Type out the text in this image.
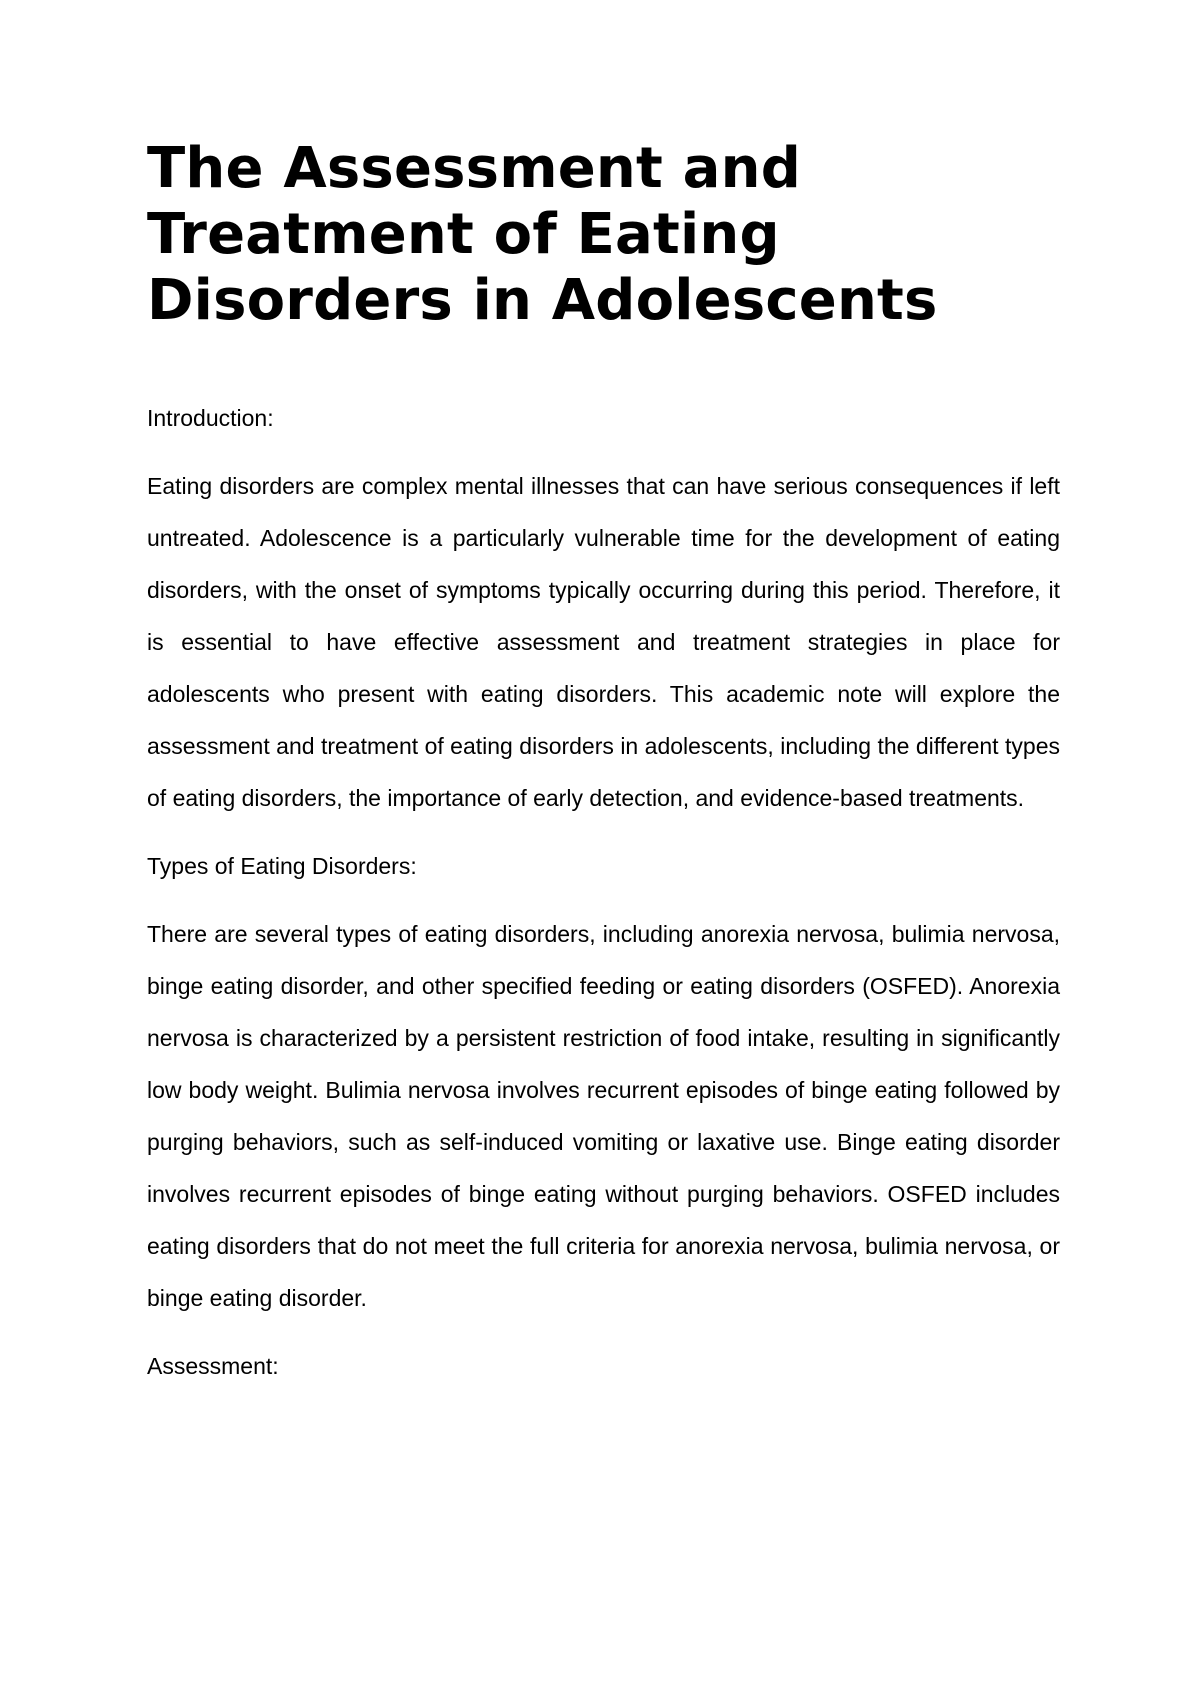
The Assessment and Treatment of Eating Disorders in Adolescents

Introduction:

Eating disorders are complex mental illnesses that can have serious consequences if left untreated. Adolescence is a particularly vulnerable time for the development of eating disorders, with the onset of symptoms typically occurring during this period. Therefore, it is essential to have effective assessment and treatment strategies in place for adolescents who present with eating disorders. This academic note will explore the assessment and treatment of eating disorders in adolescents, including the different types of eating disorders, the importance of early detection, and evidence-based treatments.

Types of Eating Disorders:

There are several types of eating disorders, including anorexia nervosa, bulimia nervosa, binge eating disorder, and other specified feeding or eating disorders (OSFED). Anorexia nervosa is characterized by a persistent restriction of food intake, resulting in significantly low body weight. Bulimia nervosa involves recurrent episodes of binge eating followed by purging behaviors, such as self-induced vomiting or laxative use. Binge eating disorder involves recurrent episodes of binge eating without purging behaviors. OSFED includes eating disorders that do not meet the full criteria for anorexia nervosa, bulimia nervosa, or binge eating disorder.

Assessment:
